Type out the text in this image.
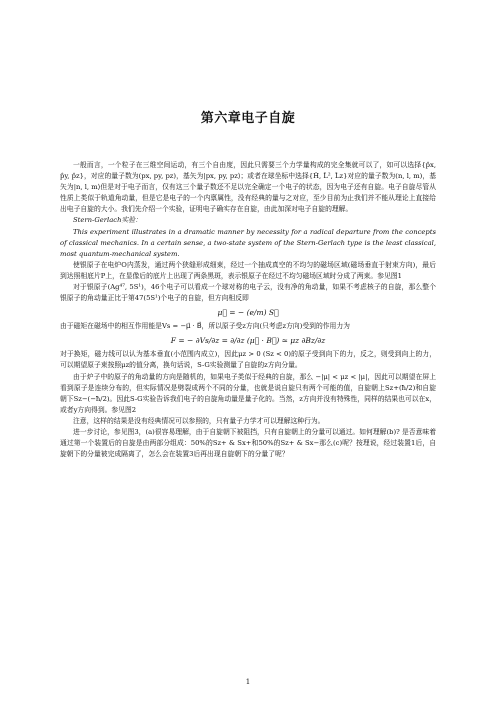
第六章电子自旋

一般而言，一个粒子在三维空间运动，有三个自由度，因此只需要三个力学量构成的完全集就可以了，如可以选择{p̂x, p̂y, p̂z}，对应的量子数为(px, py, pz)，基矢为|px, py, pz⟩；或者在球坐标中选择{Ĥ, L̂², L̂z}对应的量子数为(n, l, m)，基矢为|n, l, m⟩但是对于电子而言，仅有这三个量子数还不足以完全确定一个电子的状态，因为电子还有自旋。电子自旋尽管从性质上类似于轨道角动量，但是它是电子的一个内禀属性，没有经典的量与之对应，至少目前为止我们并不能从理论上直接给出电子自旋的大小。我们先介绍一个实验，证明电子确实存在自旋，由此加深对电子自旋的理解。

Stern-Gerlach实验：

This experiment illustrates in a dramatic manner by necessity for a radical departure from the concepts of classical mechanics. In a certain sense, a two-state system of the Stern-Gerlach type is the least classical, most quantum-mechanical system.

使银原子在电炉O内蒸发，通过两个狭缝形成细束，经过一个抽成真空的不均匀的磁场区域(磁场垂直于射束方向)，最后到达照相底片P上，在显像后的底片上出现了两条黑斑，表示银原子在经过不均匀磁场区域时分成了两束。参见图1

对于银原子(Ag⁴⁷, 5S¹)，46个电子可以看成一个球对称的电子云，没有净的角动量，如果不考虑核子的自旋，那么整个银原子的角动量正比于第47(5S¹)个电子的自旋，但方向相反即

μ⃗ = − (e/m) S⃗

由于磁矩在磁场中的相互作用能是Vs = −μ⃗ · B⃗，所以原子受z方向(只考虑z方向)受到的作用力为

F = − ∂Vs/∂z = ∂/∂z (μ⃗ · B⃗) ≃ μz ∂Bz/∂z

对于换矩，磁力线可以认为基本垂直(小范围内成立)，因此μz > 0 (Sz < 0)的原子受到向下的力，反之，则受到向上的力，可以期望原子束按照μz的值分离，换句话说，S-G实验测量了自旋的z方向分量。

由于炉子中的原子的角动量的方向是随机的，如果电子类似于经典的自旋，那么 −|μ| < μz < |μ|，因此可以期望在屏上看到原子是连续分布的，但实际情况是劈裂成两个不同的分量，也就是说自旋只有两个可能的值，自旋朝上Sz+(ħ/2)和自旋朝下Sz−(−ħ/2)。因此S-G实验告诉我们电子的自旋角动量是量子化的。当然，z方向并没有特殊性，同样的结果也可以在x，或者y方向得到。参见图2

注意，这样的结果是没有经典情况可以参照的，只有量子力学才可以理解这种行为。

进一步讨论，参见图3，(a)很容易理解，由于自旋朝下被阻挡，只有自旋朝上的分量可以通过。如何理解(b)? 是否意味着通过第一个装置后的自旋是由两部分组成：50%的Sz+ & Sx+和50%的Sz+ & Sx−那么(c)呢？按理说，经过装置1后，自旋朝下的分量被完成隔离了，怎么会在装置3后再出现自旋朝下的分量了呢？

1
